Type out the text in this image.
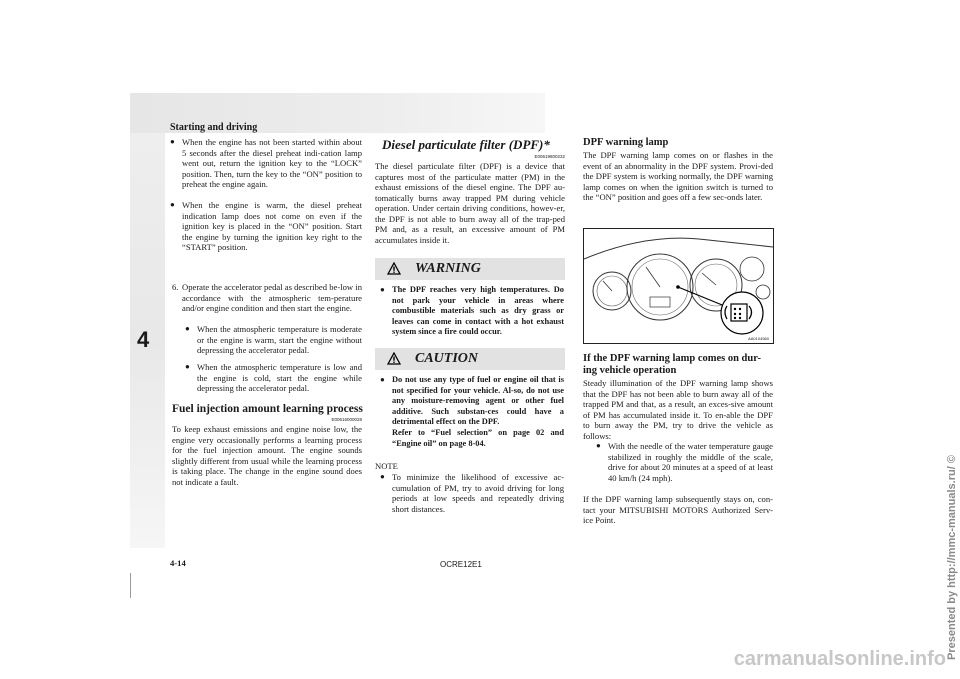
Starting and driving
4
● When the engine has not been started within about 5 seconds after the diesel preheat indi-cation lamp went out, return the ignition key to the “LOCK” position. Then, turn the key to the “ON” position to preheat the engine again.
● When the engine is warm, the diesel preheat indication lamp does not come on even if the ignition key is placed in the “ON” position. Start the engine by turning the ignition key right to the “START” position.
6. Operate the accelerator pedal as described be-low in accordance with the atmospheric tem-perature and/or engine condition and then start the engine.
● When the atmospheric temperature is moderate or the engine is warm, start the engine without depressing the accelerator pedal.
● When the atmospheric temperature is low and the engine is cold, start the engine while depressing the accelerator pedal.
Fuel injection amount learning process
E00616000028
To keep exhaust emissions and engine noise low, the engine very occasionally performs a learning process for the fuel injection amount. The engine sounds slightly different from usual while the learning process is taking place. The change in the engine sound does not indicate a fault.
Diesel particulate filter (DPF)*
E00619800232
The diesel particulate filter (DPF) is a device that captures most of the particulate matter (PM) in the exhaust emissions of the diesel engine. The DPF au-tomatically burns away trapped PM during vehicle operation. Under certain driving conditions, howev-er, the DPF is not able to burn away all of the trap-ped PM and, as a result, an excessive amount of PM accumulates inside it.
WARNING
● The DPF reaches very high temperatures. Do not park your vehicle in areas where combustible materials such as dry grass or leaves can come in contact with a hot exhaust system since a fire could occur.
CAUTION
● Do not use any type of fuel or engine oil that is not specified for your vehicle. Al-so, do not use any moisture-removing agent or other fuel additive. Such substan-ces could have a detrimental effect on the DPF.
Refer to “Fuel selection” on page 02 and “Engine oil” on page 8-04.
NOTE
● To minimize the likelihood of excessive ac-cumulation of PM, try to avoid driving for long periods at low speeds and repeatedly driving short distances.
DPF warning lamp
The DPF warning lamp comes on or flashes in the event of an abnormality in the DPF system. Provi-ded the DPF system is working normally, the DPF warning lamp comes on when the ignition switch is turned to the “ON” position and goes off a few sec-onds later.
AA0104560
If the DPF warning lamp comes on dur-ing vehicle operation
Steady illumination of the DPF warning lamp shows that the DPF has not been able to burn away all of the trapped PM and that, as a result, an exces-sive amount of PM has accumulated inside it. To en-able the DPF to burn away the PM, try to drive the vehicle as follows:
● With the needle of the water temperature gauge stabilized in roughly the middle of the scale, drive for about 20 minutes at a speed of at least 40 km/h (24 mph).
If the DPF warning lamp subsequently stays on, con-tact your MITSUBISHI MOTORS Authorized Serv-ice Point.
4-14	OCRE12E1	Presented by http://mmc-manuals.ru/ ©
carmanualsonline.info
